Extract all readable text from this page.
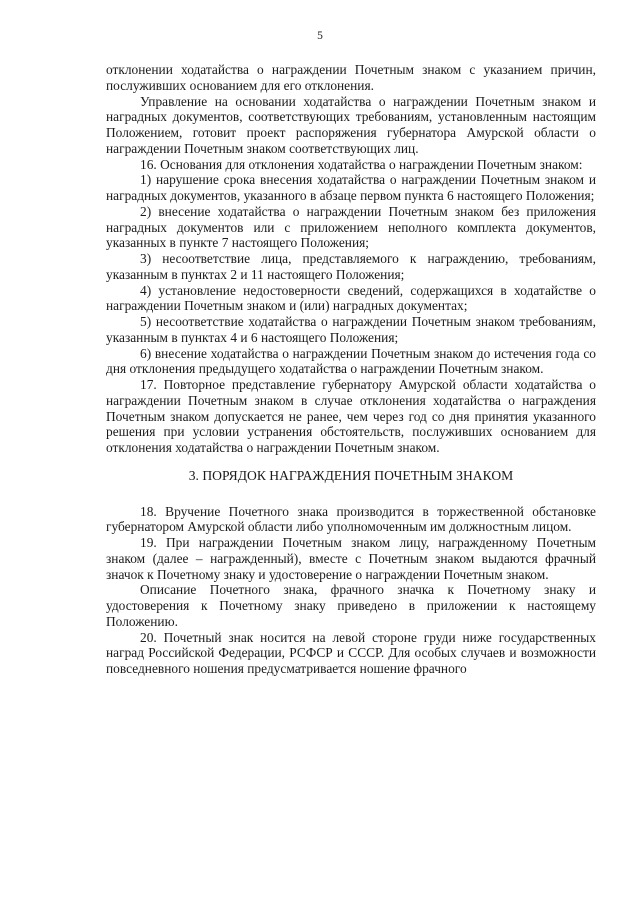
5

отклонении ходатайства о награждении Почетным знаком с указанием причин, послуживших основанием для его отклонения.

Управление на основании ходатайства о награждении Почетным знаком и наградных документов, соответствующих требованиям, установленным настоящим Положением, готовит проект распоряжения губернатора Амурской области о награждении Почетным знаком соответствующих лиц.

16. Основания для отклонения ходатайства о награждении Почетным знаком:

1) нарушение срока внесения ходатайства о награждении Почетным знаком и наградных документов, указанного в абзаце первом пункта 6 настоящего Положения;

2) внесение ходатайства о награждении Почетным знаком без приложения наградных документов или с приложением неполного комплекта документов, указанных в пункте 7 настоящего Положения;

3) несоответствие лица, представляемого к награждению, требованиям, указанным в пунктах 2 и 11 настоящего Положения;

4) установление недостоверности сведений, содержащихся в ходатайстве о награждении Почетным знаком и (или) наградных документах;

5) несоответствие ходатайства о награждении Почетным знаком требованиям, указанным в пунктах 4 и 6 настоящего Положения;

6) внесение ходатайства о награждении Почетным знаком до истечения года со дня отклонения предыдущего ходатайства о награждении Почетным знаком.

17. Повторное представление губернатору Амурской области ходатайства о награждении Почетным знаком в случае отклонения ходатайства о награждения Почетным знаком допускается не ранее, чем через год со дня принятия указанного решения при условии устранения обстоятельств, послуживших основанием для отклонения ходатайства о награждении Почетным знаком.

3. ПОРЯДОК НАГРАЖДЕНИЯ ПОЧЕТНЫМ ЗНАКОМ

18. Вручение Почетного знака производится в торжественной обстановке губернатором Амурской области либо уполномоченным им должностным лицом.

19. При награждении Почетным знаком лицу, награжденному Почетным знаком (далее – награжденный), вместе с Почетным знаком выдаются фрачный значок к Почетному знаку и удостоверение о награждении Почетным знаком.

Описание Почетного знака, фрачного значка к Почетному знаку и удостоверения к Почетному знаку приведено в приложении к настоящему Положению.

20. Почетный знак носится на левой стороне груди ниже государственных наград Российской Федерации, РСФСР и СССР. Для особых случаев и возможности повседневного ношения предусматривается ношение фрачного
